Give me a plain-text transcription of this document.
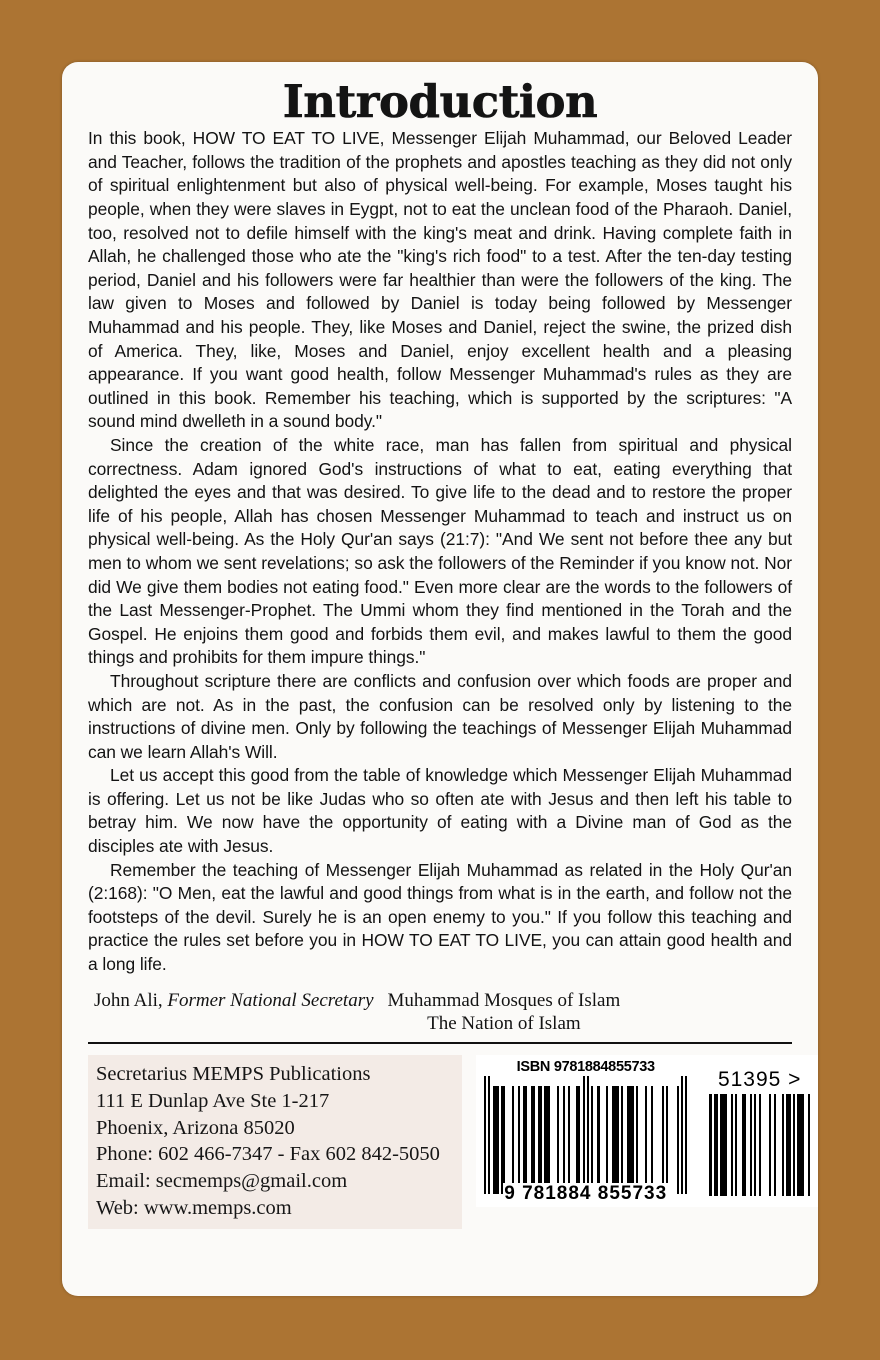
Introduction

In this book, HOW TO EAT TO LIVE, Messenger Elijah Muhammad, our Beloved Leader and Teacher, follows the tradition of the prophets and apostles teaching as they did not only of spiritual enlightenment but also of physical well-being. For example, Moses taught his people, when they were slaves in Eygpt, not to eat the unclean food of the Pharaoh. Daniel, too, resolved not to defile himself with the king's meat and drink. Having complete faith in Allah, he challenged those who ate the "king's rich food" to a test. After the ten-day testing period, Daniel and his followers were far healthier than were the followers of the king. The law given to Moses and followed by Daniel is today being followed by Messenger Muhammad and his people. They, like Moses and Daniel, reject the swine, the prized dish of America. They, like, Moses and Daniel, enjoy excellent health and a pleasing appearance. If you want good health, follow Messenger Muhammad's rules as they are outlined in this book. Remember his teaching, which is supported by the scriptures: "A sound mind dwelleth in a sound body."

Since the creation of the white race, man has fallen from spiritual and physical correctness. Adam ignored God's instructions of what to eat, eating everything that delighted the eyes and that was desired. To give life to the dead and to restore the proper life of his people, Allah has chosen Messenger Muhammad to teach and instruct us on physical well-being. As the Holy Qur'an says (21:7): "And We sent not before thee any but men to whom we sent revelations; so ask the followers of the Reminder if you know not. Nor did We give them bodies not eating food." Even more clear are the words to the followers of the Last Messenger-Prophet. The Ummi whom they find mentioned in the Torah and the Gospel. He enjoins them good and forbids them evil, and makes lawful to them the good things and prohibits for them impure things."

Throughout scripture there are conflicts and confusion over which foods are proper and which are not. As in the past, the confusion can be resolved only by listening to the instructions of divine men. Only by following the teachings of Messenger Elijah Muhammad can we learn Allah's Will.

Let us accept this good from the table of knowledge which Messenger Elijah Muhammad is offering. Let us not be like Judas who so often ate with Jesus and then left his table to betray him. We now have the opportunity of eating with a Divine man of God as the disciples ate with Jesus.

Remember the teaching of Messenger Elijah Muhammad as related in the Holy Qur'an (2:168): "O Men, eat the lawful and good things from what is in the earth, and follow not the footsteps of the devil. Surely he is an open enemy to you." If you follow this teaching and practice the rules set before you in HOW TO EAT TO LIVE, you can attain good health and a long life.

John Ali, Former National Secretary Muhammad Mosques of Islam
The Nation of Islam
Secretarius MEMPS Publications
111 E Dunlap Ave Ste 1-217
Phoenix, Arizona 85020
Phone: 602 466-7347 - Fax 602 842-5050
Email: secmemps@gmail.com
Web: www.memps.com
ISBN 9781884855733
9 781884 855733
51395 >
